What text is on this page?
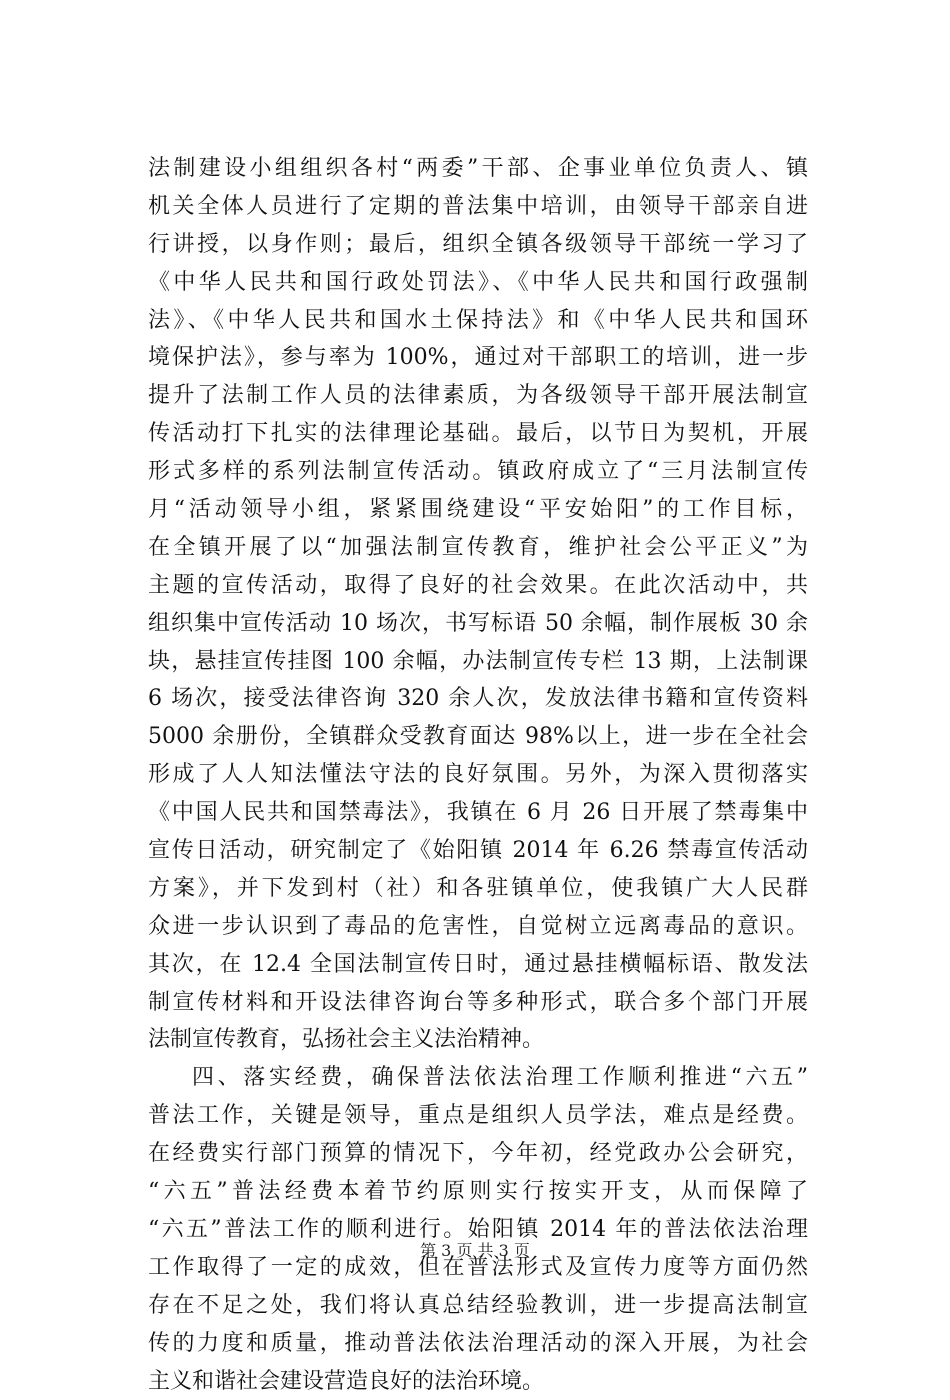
法制建设小组组织各村“两委”干部、企事业单位负责人、镇
机关全体人员进行了定期的普法集中培训，由领导干部亲自进
行讲授，以身作则；最后，组织全镇各级领导干部统一学习了
《中华人民共和国行政处罚法》、《中华人民共和国行政强制
法》、《中华人民共和国水土保持法》和《中华人民共和国环
境保护法》，参与率为 100%，通过对干部职工的培训，进一步
提升了法制工作人员的法律素质，为各级领导干部开展法制宣
传活动打下扎实的法律理论基础。最后，以节日为契机，开展
形式多样的系列法制宣传活动。镇政府成立了“三月法制宣传
月“活动领导小组，紧紧围绕建设“平安始阳”的工作目标，
在全镇开展了以“加强法制宣传教育，维护社会公平正义”为
主题的宣传活动，取得了良好的社会效果。在此次活动中，共
组织集中宣传活动 10 场次，书写标语 50 余幅，制作展板 30 余
块，悬挂宣传挂图 100 余幅，办法制宣传专栏 13 期，上法制课
6 场次，接受法律咨询 320 余人次，发放法律书籍和宣传资料
5000 余册份，全镇群众受教育面达 98%以上，进一步在全社会
形成了人人知法懂法守法的良好氛围。另外，为深入贯彻落实
《中国人民共和国禁毒法》，我镇在 6 月 26 日开展了禁毒集中
宣传日活动，研究制定了《始阳镇 2014 年 6.26 禁毒宣传活动
方案》，并下发到村（社）和各驻镇单位，使我镇广大人民群
众进一步认识到了毒品的危害性，自觉树立远离毒品的意识。
其次，在 12.4 全国法制宣传日时，通过悬挂横幅标语、散发法
制宣传材料和开设法律咨询台等多种形式，联合多个部门开展
法制宣传教育，弘扬社会主义法治精神。
四、落实经费，确保普法依法治理工作顺利推进“六五”
普法工作，关键是领导，重点是组织人员学法，难点是经费。
在经费实行部门预算的情况下，今年初，经党政办公会研究，
“六五”普法经费本着节约原则实行按实开支，从而保障了
“六五”普法工作的顺利进行。始阳镇 2014 年的普法依法治理
工作取得了一定的成效，但在普法形式及宣传力度等方面仍然
存在不足之处，我们将认真总结经验教训，进一步提高法制宣
传的力度和质量，推动普法依法治理活动的深入开展，为社会
主义和谐社会建设营造良好的法治环境。
第 3 页 共 3 页
